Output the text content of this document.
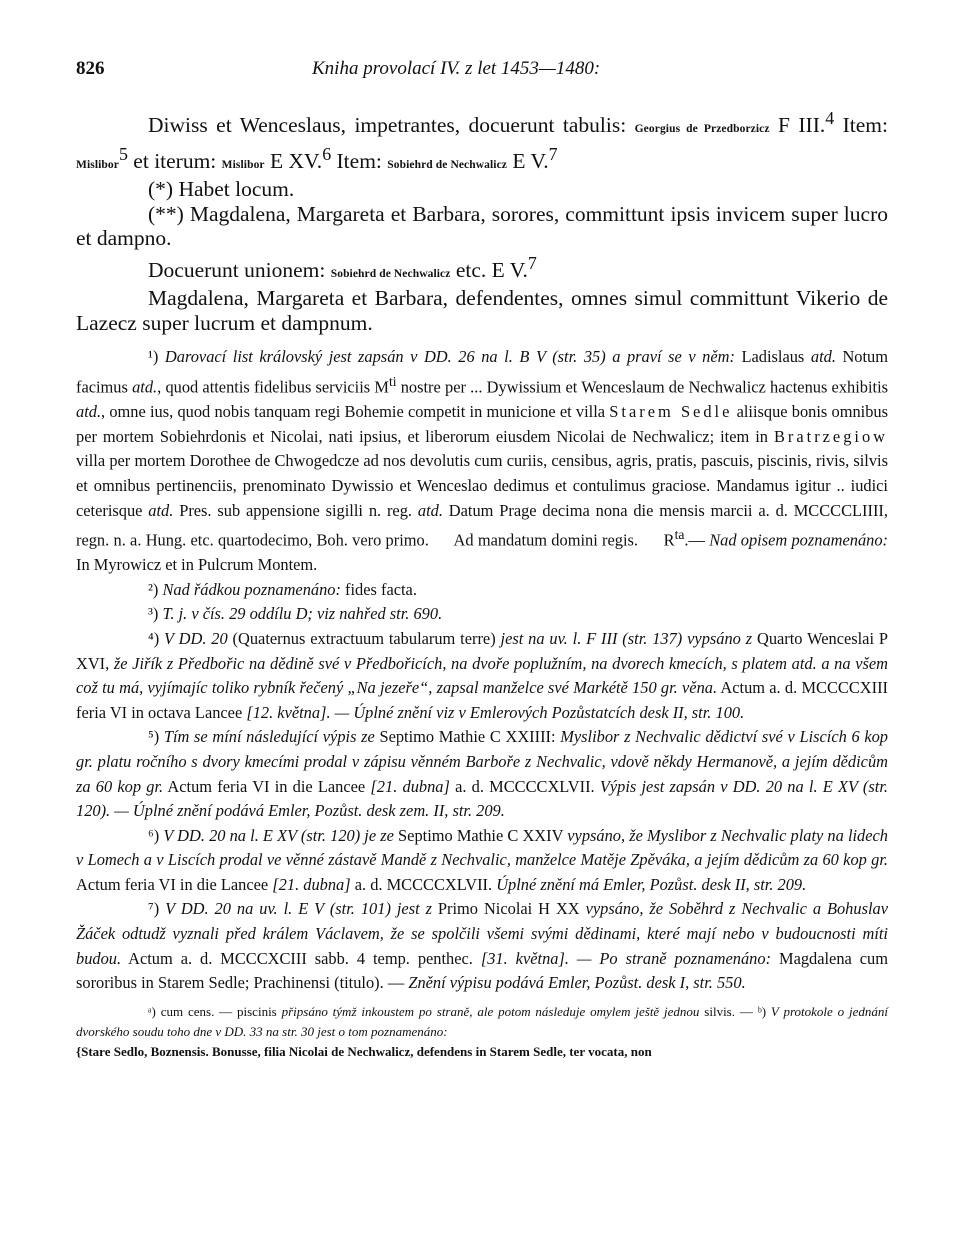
826	Kniha provolací IV. z let 1453—1480:

Diwiss et Wenceslaus, impetrantes, docuerunt tabulis: Georgius de Przedborzicz F III.$^4$ Item: Mislibor$^5$ et iterum: Mislibor E XV.$^6$ Item: Sobiehrd de Nechwalicz E V.$^7$

(*) Habet locum.

(**) Magdalena, Margareta et Barbara, sorores, committunt ipsis invicem super lucro et dampno.

Docuerunt unionem: Sobiehrd de Nechwalicz etc. E V.$^7$

Magdalena, Margareta et Barbara, defendentes, omnes simul committunt Vikerio de Lazecz super lucrum et dampnum.

¹) Darovací list královský jest zapsán v DD. 26 na l. B V (str. 35) a praví se v něm: Ladislaus atd. Notum facimus atd., quod attentis fidelibus serviciis $M^{ti}$ nostre per ... Dywissium et Wenceslaum de Nechwalicz hactenus exhibitis atd., omne ius, quod nobis tanquam regi Bohemie competit in municione et villa Starem Sedle aliisque bonis omnibus per mortem Sobiehrdonis et Nicolai, nati ipsius, et liberorum eiusdem Nicolai de Nechwalicz; item in Bratrzegiow villa per mortem Dorothee de Chwogedcze ad nos devolutis cum curiis, censibus, agris, pratis, pascuis, piscinis, rivis, silvis et omnibus pertinenciis, prenominato Dywissio et Wenceslao dedimus et contulimus graciose. Mandamus igitur .. iudici ceterisque atd. Pres. sub appensione sigilli n. reg. atd. Datum Prage decima nona die mensis marcii a. d. MCCCCLIIII, regn. n. a. Hung. etc. quartodecimo, Boh. vero primo.      Ad mandatum domini regis.      $R^{ta}.—$ Nad opisem poznamenáno: In Myrowicz et in Pulcrum Montem.

²) Nad řádkou poznamenáno: fides facta.

³) T. j. v čís. 29 oddílu D; viz nahřed str. 690.

⁴) V DD. 20 (Quaternus extractuum tabularum terre) jest na uv. l. F III (str. 137) vypsáno z Quarto Wenceslai P XVI, že Jiřík z Předbořic na dědině své v Předbořicích, na dvoře poplužním, na dvorech kmecích, s platem atd. a na všem což tu má, vyjímajíc toliko rybník řečený „Na jezeře“, zapsal manželce své Markétě 150 gr. věna. Actum a. d. MCCCCXIII feria VI in octava Lancee [12. května]. — Úplné znění viz v Emlerových Pozůstatcích desk II, str. 100.

⁵) Tím se míní následující výpis ze Septimo Mathie C XXIIII: Myslibor z Nechvalic dědictví své v Liscích 6 kop gr. platu ročního s dvory kmecími prodal v zápisu věnném Barboře z Nechvalic, vdově někdy Hermanově, a jejím dědicům za 60 kop gr. Actum feria VI in die Lancee [21. dubna] a. d. MCCCCXLVII. Výpis jest zapsán v DD. 20 na l. E XV (str. 120). — Úplné znění podává Emler, Pozůst. desk zem. II, str. 209.

⁶) V DD. 20 na l. E XV (str. 120) je ze Septimo Mathie C XXIV vypsáno, že Myslibor z Nechvalic platy na lidech v Lomech a v Liscích prodal ve věnné zástavě Mandě z Nechvalic, manželce Matěje Zpěváka, a jejím dědicům za 60 kop gr. Actum feria VI in die Lancee [21. dubna] a. d. MCCCCXLVII. Úplné znění má Emler, Pozůst. desk II, str. 209.

⁷) V DD. 20 na uv. l. E V (str. 101) jest z Primo Nicolai H XX vypsáno, že Soběhrd z Nechvalic a Bohuslav Žáček odtudž vyznali před králem Václavem, že se spolčili všemi svými dědinami, které mají nebo v budoucnosti míti budou. Actum a. d. MCCCXCIII sabb. 4 temp. penthec. [31. května]. — Po straně poznamenáno: Magdalena cum sororibus in Starem Sedle; Prachinensi (titulo). — Znění výpisu podává Emler, Pozůst. desk I, str. 550.

ᵃ) cum cens. — piscinis připsáno týmž inkoustem po straně, ale potom následuje omylem ještě jednou silvis. — ᵇ) V protokole o jednání dvorského soudu toho dne v DD. 33 na str. 30 jest o tom poznamenáno:

{Stare Sedlo, Boznensis. Bonusse, filia Nicolai de Nechwalicz, defendens in Starem Sedle, ter vocata, non
